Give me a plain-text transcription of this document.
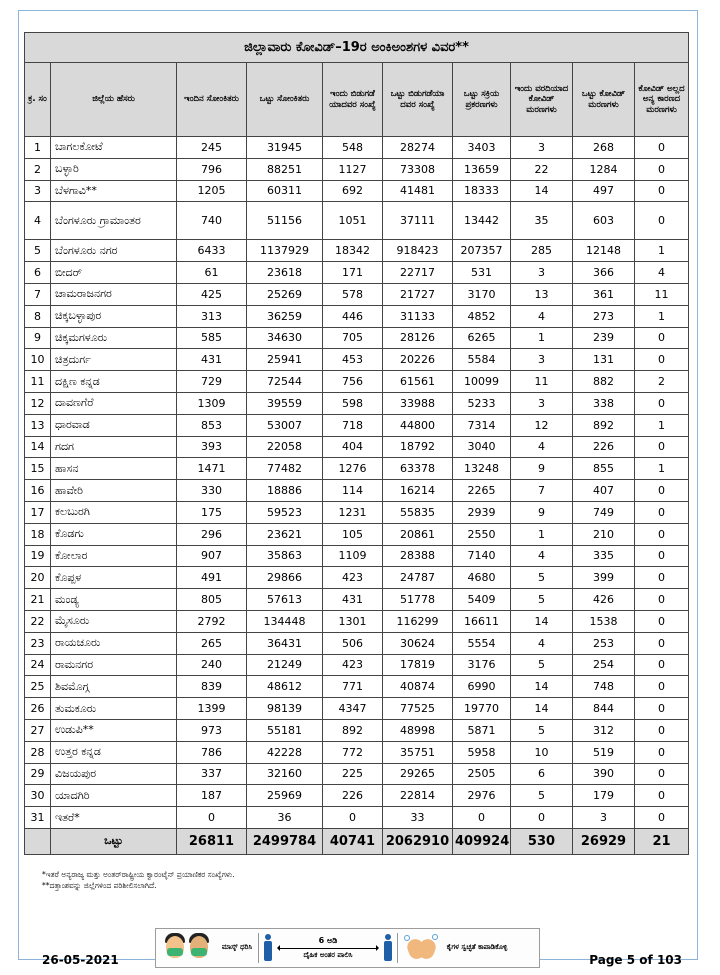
ಜಿಲ್ಲಾವಾರು ಕೋವಿಡ್–19ರ ಅಂಕಿಅಂಶಗಳ ವಿವರ**									
ಕ್ರ. ಸಂ	ಜಿಲ್ಲೆಯ ಹೆಸರು	ಇಂದಿನ ಸೋಂಕಿತರು	ಒಟ್ಟು ಸೋಂಕಿತರು	ಇಂದು ಬಿಡುಗಡೆ ಯಾದವರ ಸಂಖ್ಯೆ	ಒಟ್ಟು ಬಿಡುಗಡೆಯಾ ದವರ ಸಂಖ್ಯೆ	ಒಟ್ಟು ಸಕ್ರಿಯ ಪ್ರಕರಣಗಳು	ಇಂದು ವರದಿಯಾದ ಕೋವಿಡ್ ಮರಣಗಳು	ಒಟ್ಟು ಕೋವಿಡ್ ಮರಣಗಳು	ಕೋವಿಡ್ ಅಲ್ಲದ ಅನ್ಯ ಕಾರಣದ ಮರಣಗಳು
1	ಬಾಗಲಕೋಟೆ	245	31945	548	28274	3403	3	268	0
2	ಬಳ್ಳಾರಿ	796	88251	1127	73308	13659	22	1284	0
3	ಬೆಳಗಾವಿ**	1205	60311	692	41481	18333	14	497	0
4	ಬೆಂಗಳೂರು ಗ್ರಾಮಾಂತರ	740	51156	1051	37111	13442	35	603	0
5	ಬೆಂಗಳೂರು ನಗರ	6433	1137929	18342	918423	207357	285	12148	1
6	ಬೀದರ್	61	23618	171	22717	531	3	366	4
7	ಚಾಮರಾಜನಗರ	425	25269	578	21727	3170	13	361	11
8	ಚಿಕ್ಕಬಳ್ಳಾಪುರ	313	36259	446	31133	4852	4	273	1
9	ಚಿಕ್ಕಮಗಳೂರು	585	34630	705	28126	6265	1	239	0
10	ಚಿತ್ರದುರ್ಗ	431	25941	453	20226	5584	3	131	0
11	ದಕ್ಷಿಣ ಕನ್ನಡ	729	72544	756	61561	10099	11	882	2
12	ದಾವಣಗೆರೆ	1309	39559	598	33988	5233	3	338	0
13	ಧಾರವಾಡ	853	53007	718	44800	7314	12	892	1
14	ಗದಗ	393	22058	404	18792	3040	4	226	0
15	ಹಾಸನ	1471	77482	1276	63378	13248	9	855	1
16	ಹಾವೇರಿ	330	18886	114	16214	2265	7	407	0
17	ಕಲಬುರಗಿ	175	59523	1231	55835	2939	9	749	0
18	ಕೊಡಗು	296	23621	105	20861	2550	1	210	0
19	ಕೋಲಾರ	907	35863	1109	28388	7140	4	335	0
20	ಕೊಪ್ಪಳ	491	29866	423	24787	4680	5	399	0
21	ಮಂಡ್ಯ	805	57613	431	51778	5409	5	426	0
22	ಮೈಸೂರು	2792	134448	1301	116299	16611	14	1538	0
23	ರಾಯಚೂರು	265	36431	506	30624	5554	4	253	0
24	ರಾಮನಗರ	240	21249	423	17819	3176	5	254	0
25	ಶಿವಮೊಗ್ಗ	839	48612	771	40874	6990	14	748	0
26	ತುಮಕೂರು	1399	98139	4347	77525	19770	14	844	0
27	ಉಡುಪಿ**	973	55181	892	48998	5871	5	312	0
28	ಉತ್ತರ ಕನ್ನಡ	786	42228	772	35751	5958	10	519	0
29	ವಿಜಯಪುರ	337	32160	225	29265	2505	6	390	0
30	ಯಾದಗಿರಿ	187	25969	226	22814	2976	5	179	0
31	ಇತರೆ*	0	36	0	33	0	0	3	0
	ಒಟ್ಟು	26811	2499784	40741	2062910	409924	530	26929	21
*ಇತರೆ ಅನ್ಯರಾಜ್ಯ ಮತ್ತು ಅಂತರ್‌ರಾಷ್ಟ್ರೀಯ ಕ್ವಾರಂಟೈನ್ ಪ್ರಯಾಣಿಕರ ಸಂಖ್ಯೆಗಳು.
**ದತ್ತಾಂಶವನ್ನು ಜಿಲ್ಲೆಗಳಿಂದ ಪರಿಶೀಲಿಸಲಾಗಿದೆ.
ಮಾಸ್ಕ್ ಧರಿಸಿ
6 ಅಡಿ
ದೈಹಿಕ ಅಂತರ ಪಾಲಿಸಿ
ಕೈಗಳ ಸ್ವಚ್ಛತೆ ಕಾಪಾಡಿಕೊಳ್ಳಿ
26-05-2021	Page 5 of 103
